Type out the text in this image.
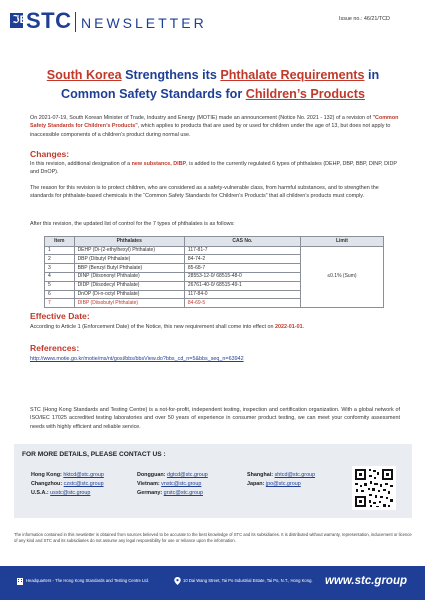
ℑE
STC NEWSLETTER	Issue no.: 46/21/TCD
South Korea Strengthens its Phthalate Requirements in
Common Safety Standards for Children’s Products
On 2021-07-19, South Korean Minister of Trade, Industry and Energy (MOTIE) made an announcement (Notice No. 2021 - 132) of a revision of "Common Safety Standards for Children’s Products", which applies to products that are used by or used for children under the age of 13, but does not apply to inaccessible components of a children’s product during normal use.
Changes:
In this revision, additional designation of a new substance, DIBP, is added to the currently regulated 6 types of phthalates (DEHP, DBP, BBP, DINP, DIDP and DnOP).
The reason for this revision is to protect children, who are considered as a safety-vulnerable class, from harmful substances, and to strengthen the standards for phthalate-based chemicals in the “Common Safety Standards for Children’s Products” that all children’s products must comply.
After this revision, the updated list of control for the 7 types of phthalates is as follows:
Item	Phthalates	CAS No.	Limit
1	DEHP (Di-(2-ethylhexyl) Phthalate)	117-81-7	≤0.1% (Sum)
2	DBP (Dibutyl Phthalate)	84-74-2	
3	BBP (Benzyl Butyl Phthalate)	85-68-7	
4	DINP (Diisononyl Phthalate)	28553-12-0/ 68515-48-0	
5	DIDP (Diisodecyl Phthalate)	26761-40-0/ 68515-49-1	
6	DnOP (Di-n-octyl Phthalate)	117-84-0	
7	DIBP (Diisobutyl Phthalate)	84-69-5	
Effective Date:
According to Article 1 (Enforcement Date) of the Notice, this new requirement shall come into effect on 2022-01-01.
References:
http://www.motie.go.kr/motie/ms/nt/gosi/bbs/bbsView.do?bbs_cd_n=5&bbs_seq_n=63942
STC (Hong Kong Standards and Testing Centre) is a not-for-profit, independent testing, inspection and certification organization. With a global network of ISO/IEC 17025 accredited testing laboratories and over 50 years of experience in consumer product testing, we can meet your conformity assessment needs with highly efficient and reliable service.
FOR MORE DETAILS, PLEASE CONTACT US :
Hong Kong: hktcd@stc.group	Dongguan: dgtcd@stc.group	Shanghai: shtcd@stc.group
Changzhou: czstc@stc.group	Vietnam: vnstc@stc.group	Japan: jpo@stc.group
U.S.A.: usstc@stc.group	Germany: grstc@stc.group
The information contained in this newsletter is obtained from sources believed to be accurate to the best knowledge of STC and its subsidiaries. It is distributed without warranty, representation, inducement or licence of any kind and STC and its subsidiaries do not assume any legal responsibility for use or reliance upon the information.
Headquarters - The Hong Kong Standards and Testing Centre Ltd.	10 Dai Wang Street, Tai Po Industrial Estate, Tai Po, N.T., Hong Kong. www.stc.group
